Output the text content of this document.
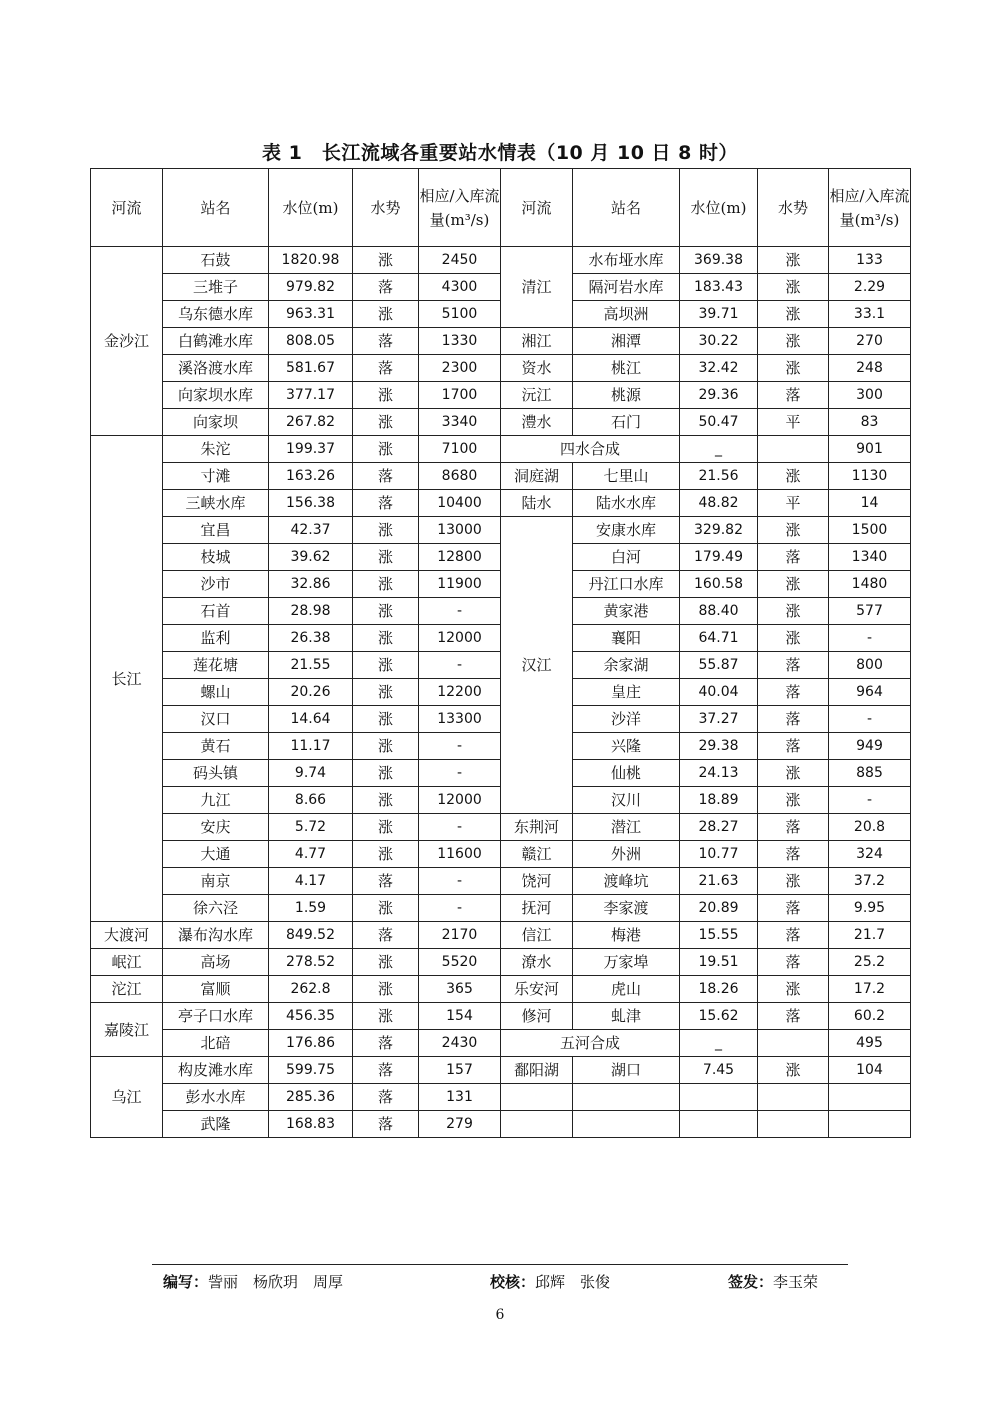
表 1　长江流域各重要站水情表（10 月 10 日 8 时）
河流	站名	水位(m)	水势	相应/入库流量(m³/s)	河流	站名	水位(m)	水势	相应/入库流量(m³/s)
金沙江	石鼓	1820.98	涨	2450	清江	水布垭水库	369.38	涨	133
	三堆子	979.82	落	4300		隔河岩水库	183.43	涨	2.29
	乌东德水库	963.31	涨	5100		高坝洲	39.71	涨	33.1
	白鹤滩水库	808.05	落	1330	湘江	湘潭	30.22	涨	270
	溪洛渡水库	581.67	落	2300	资水	桃江	32.42	涨	248
	向家坝水库	377.17	涨	1700	沅江	桃源	29.36	落	300
	向家坝	267.82	涨	3340	澧水	石门	50.47	平	83
长江	朱沱	199.37	涨	7100	四水合成		_		901
	寸滩	163.26	落	8680	洞庭湖	七里山	21.56	涨	1130
	三峡水库	156.38	落	10400	陆水	陆水水库	48.82	平	14
	宜昌	42.37	涨	13000	汉江	安康水库	329.82	涨	1500
	枝城	39.62	涨	12800		白河	179.49	落	1340
	沙市	32.86	涨	11900		丹江口水库	160.58	涨	1480
	石首	28.98	涨	-		黄家港	88.40	涨	577
	监利	26.38	涨	12000		襄阳	64.71	涨	-
	莲花塘	21.55	涨	-		余家湖	55.87	落	800
	螺山	20.26	涨	12200		皇庄	40.04	落	964
	汉口	14.64	涨	13300		沙洋	37.27	落	-
	黄石	11.17	涨	-		兴隆	29.38	落	949
	码头镇	9.74	涨	-		仙桃	24.13	涨	885
	九江	8.66	涨	12000		汉川	18.89	涨	-
	安庆	5.72	涨	-	东荆河	潜江	28.27	落	20.8
	大通	4.77	涨	11600	赣江	外洲	10.77	落	324
	南京	4.17	落	-	饶河	渡峰坑	21.63	涨	37.2
	徐六泾	1.59	涨	-	抚河	李家渡	20.89	落	9.95
大渡河	瀑布沟水库	849.52	落	2170	信江	梅港	15.55	落	21.7
岷江	高场	278.52	涨	5520	潦水	万家埠	19.51	落	25.2
沱江	富顺	262.8	涨	365	乐安河	虎山	18.26	涨	17.2
嘉陵江	亭子口水库	456.35	涨	154	修河	虬津	15.62	落	60.2
	北碚	176.86	落	2430	五河合成		_		495
乌江	构皮滩水库	599.75	落	157	鄱阳湖	湖口	7.45	涨	104
	彭水水库	285.36	落	131					
	武隆	168.83	落	279					
编写：訾丽　杨欣玥　周厚	校核：邱辉　张俊	签发：李玉荣
6
